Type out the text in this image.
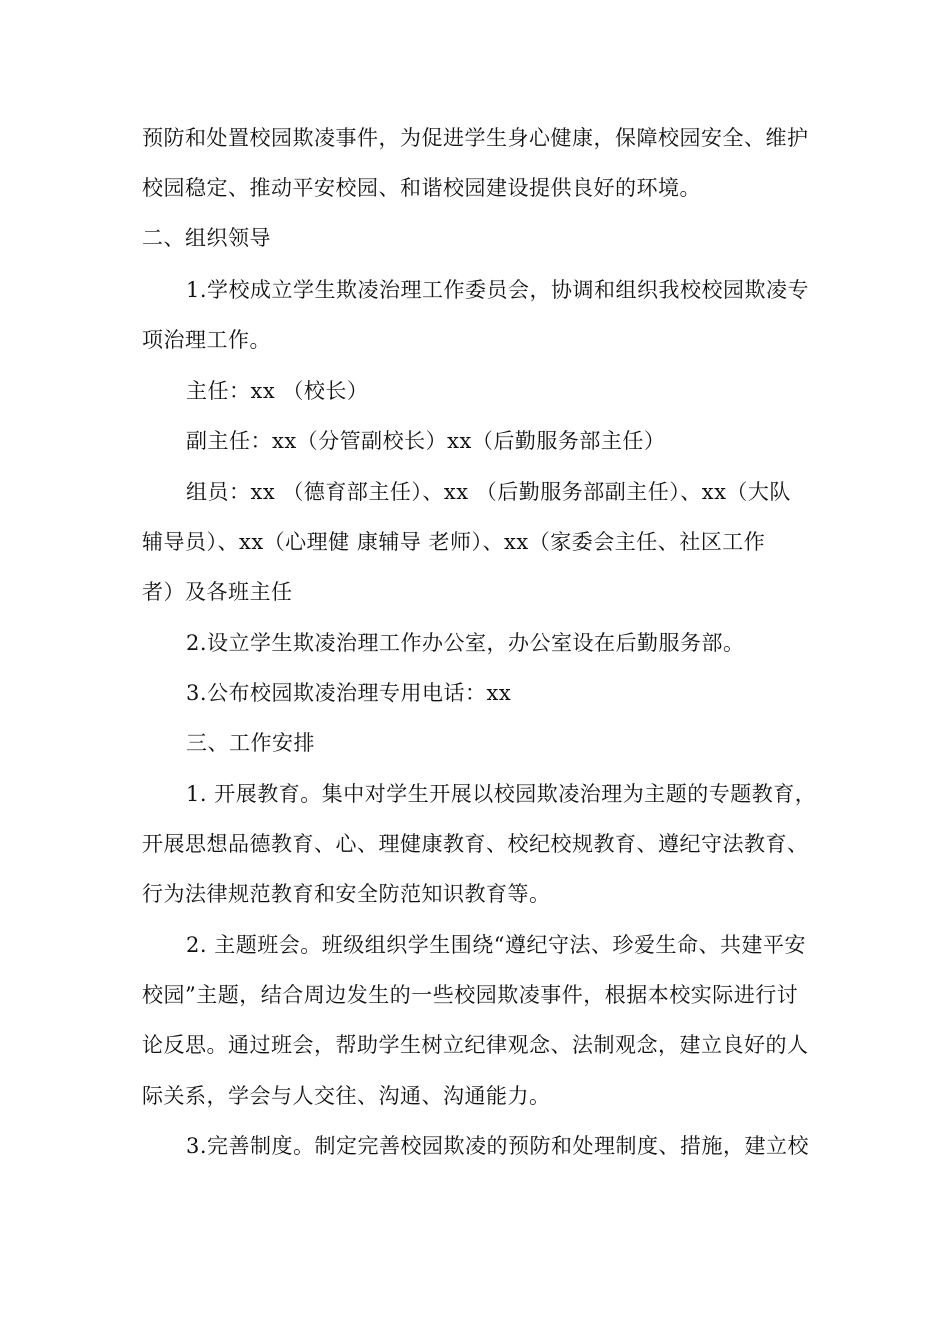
预防和处置校园欺凌事件，为促进学生身心健康，保障校园安全、维护
校园稳定、推动平安校园、和谐校园建设提供良好的环境。
二、组织领导
1.学校成立学生欺凌治理工作委员会，协调和组织我校校园欺凌专
项治理工作。
主任：xx （校长）
副主任：xx（分管副校长）xx（后勤服务部主任）
组员：xx （德育部主任）、xx （后勤服务部副主任）、xx（大队
辅导员）、xx（心理健 康辅导 老师）、xx（家委会主任、社区工作
者）及各班主任
2.设立学生欺凌治理工作办公室，办公室设在后勤服务部。
3.公布校园欺凌治理专用电话：xx
三、工作安排
1. 开展教育。集中对学生开展以校园欺凌治理为主题的专题教育，
开展思想品德教育、心、理健康教育、校纪校规教育、遵纪守法教育、
行为法律规范教育和安全防范知识教育等。
2. 主题班会。班级组织学生围绕“遵纪守法、珍爱生命、共建平安
校园”主题，结合周边发生的一些校园欺凌事件，根据本校实际进行讨
论反思。通过班会，帮助学生树立纪律观念、法制观念，建立良好的人
际关系，学会与人交往、沟通、沟通能力。
3.完善制度。制定完善校园欺凌的预防和处理制度、措施，建立校
